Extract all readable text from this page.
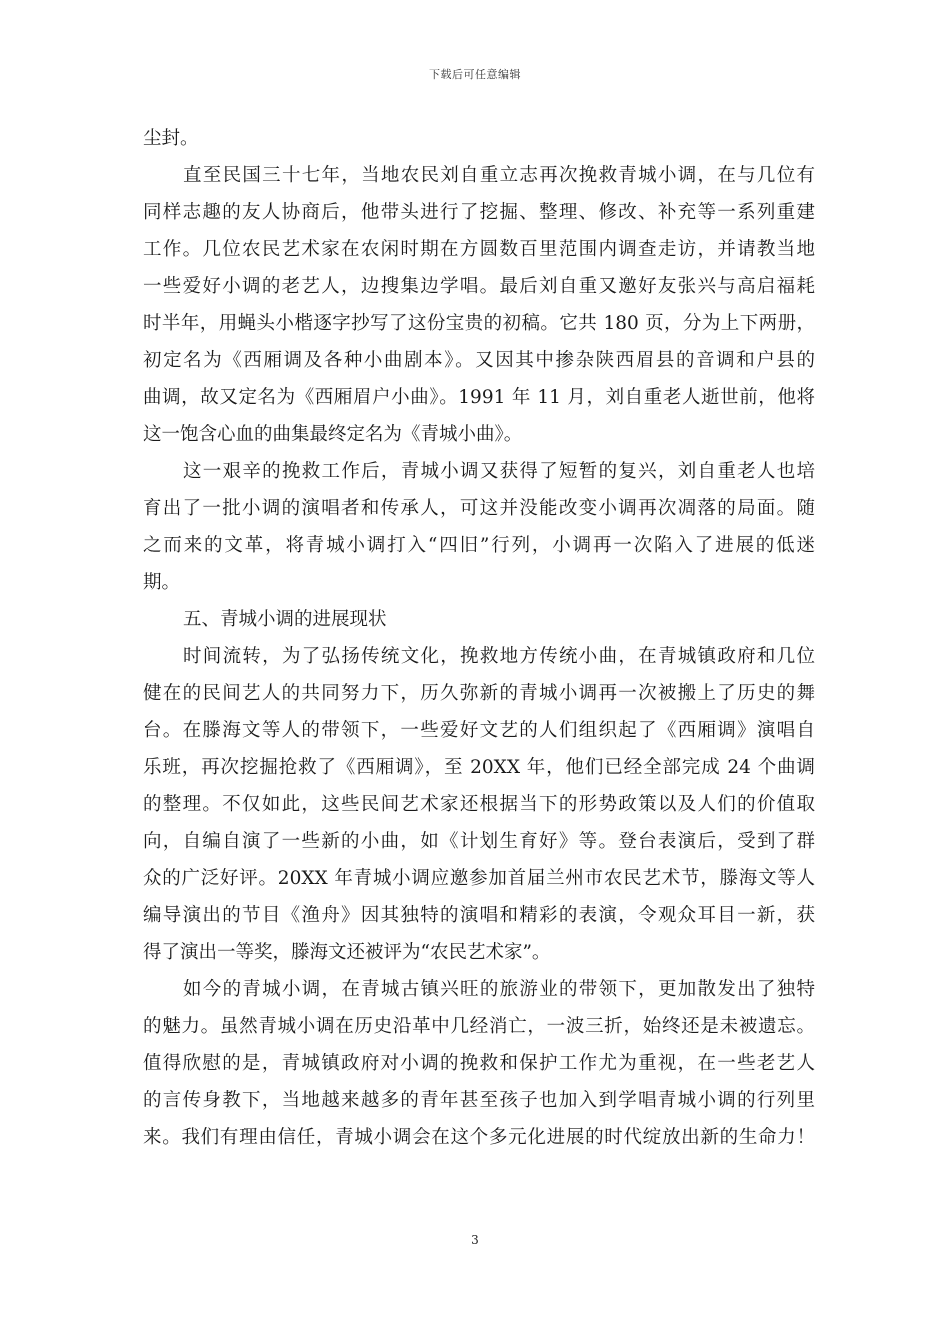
下载后可任意编辑
尘封。
直至民国三十七年，当地农民刘自重立志再次挽救青城小调，在与几位有
同样志趣的友人协商后，他带头进行了挖掘、整理、修改、补充等一系列重建
工作。几位农民艺术家在农闲时期在方圆数百里范围内调查走访，并请教当地
一些爱好小调的老艺人，边搜集边学唱。最后刘自重又邀好友张兴与高启福耗
时半年，用蝇头小楷逐字抄写了这份宝贵的初稿。它共 180 页，分为上下两册，
初定名为《西厢调及各种小曲剧本》。又因其中掺杂陕西眉县的音调和户县的
曲调，故又定名为《西厢眉户小曲》。1991 年 11 月，刘自重老人逝世前，他将
这一饱含心血的曲集最终定名为《青城小曲》。
这一艰辛的挽救工作后，青城小调又获得了短暂的复兴，刘自重老人也培
育出了一批小调的演唱者和传承人，可这并没能改变小调再次凋落的局面。随
之而来的文革，将青城小调打入“四旧”行列，小调再一次陷入了进展的低迷
期。
五、青城小调的进展现状
时间流转，为了弘扬传统文化，挽救地方传统小曲，在青城镇政府和几位
健在的民间艺人的共同努力下，历久弥新的青城小调再一次被搬上了历史的舞
台。在滕海文等人的带领下，一些爱好文艺的人们组织起了《西厢调》演唱自
乐班，再次挖掘抢救了《西厢调》，至 20XX 年，他们已经全部完成 24 个曲调
的整理。不仅如此，这些民间艺术家还根据当下的形势政策以及人们的价值取
向，自编自演了一些新的小曲，如《计划生育好》等。登台表演后，受到了群
众的广泛好评。20XX 年青城小调应邀参加首届兰州市农民艺术节，滕海文等人
编导演出的节目《渔舟》因其独特的演唱和精彩的表演，令观众耳目一新，获
得了演出一等奖，滕海文还被评为“农民艺术家”。
如今的青城小调，在青城古镇兴旺的旅游业的带领下，更加散发出了独特
的魅力。虽然青城小调在历史沿革中几经消亡，一波三折，始终还是未被遗忘。
值得欣慰的是，青城镇政府对小调的挽救和保护工作尤为重视，在一些老艺人
的言传身教下，当地越来越多的青年甚至孩子也加入到学唱青城小调的行列里
来。我们有理由信任，青城小调会在这个多元化进展的时代绽放出新的生命力！
3
